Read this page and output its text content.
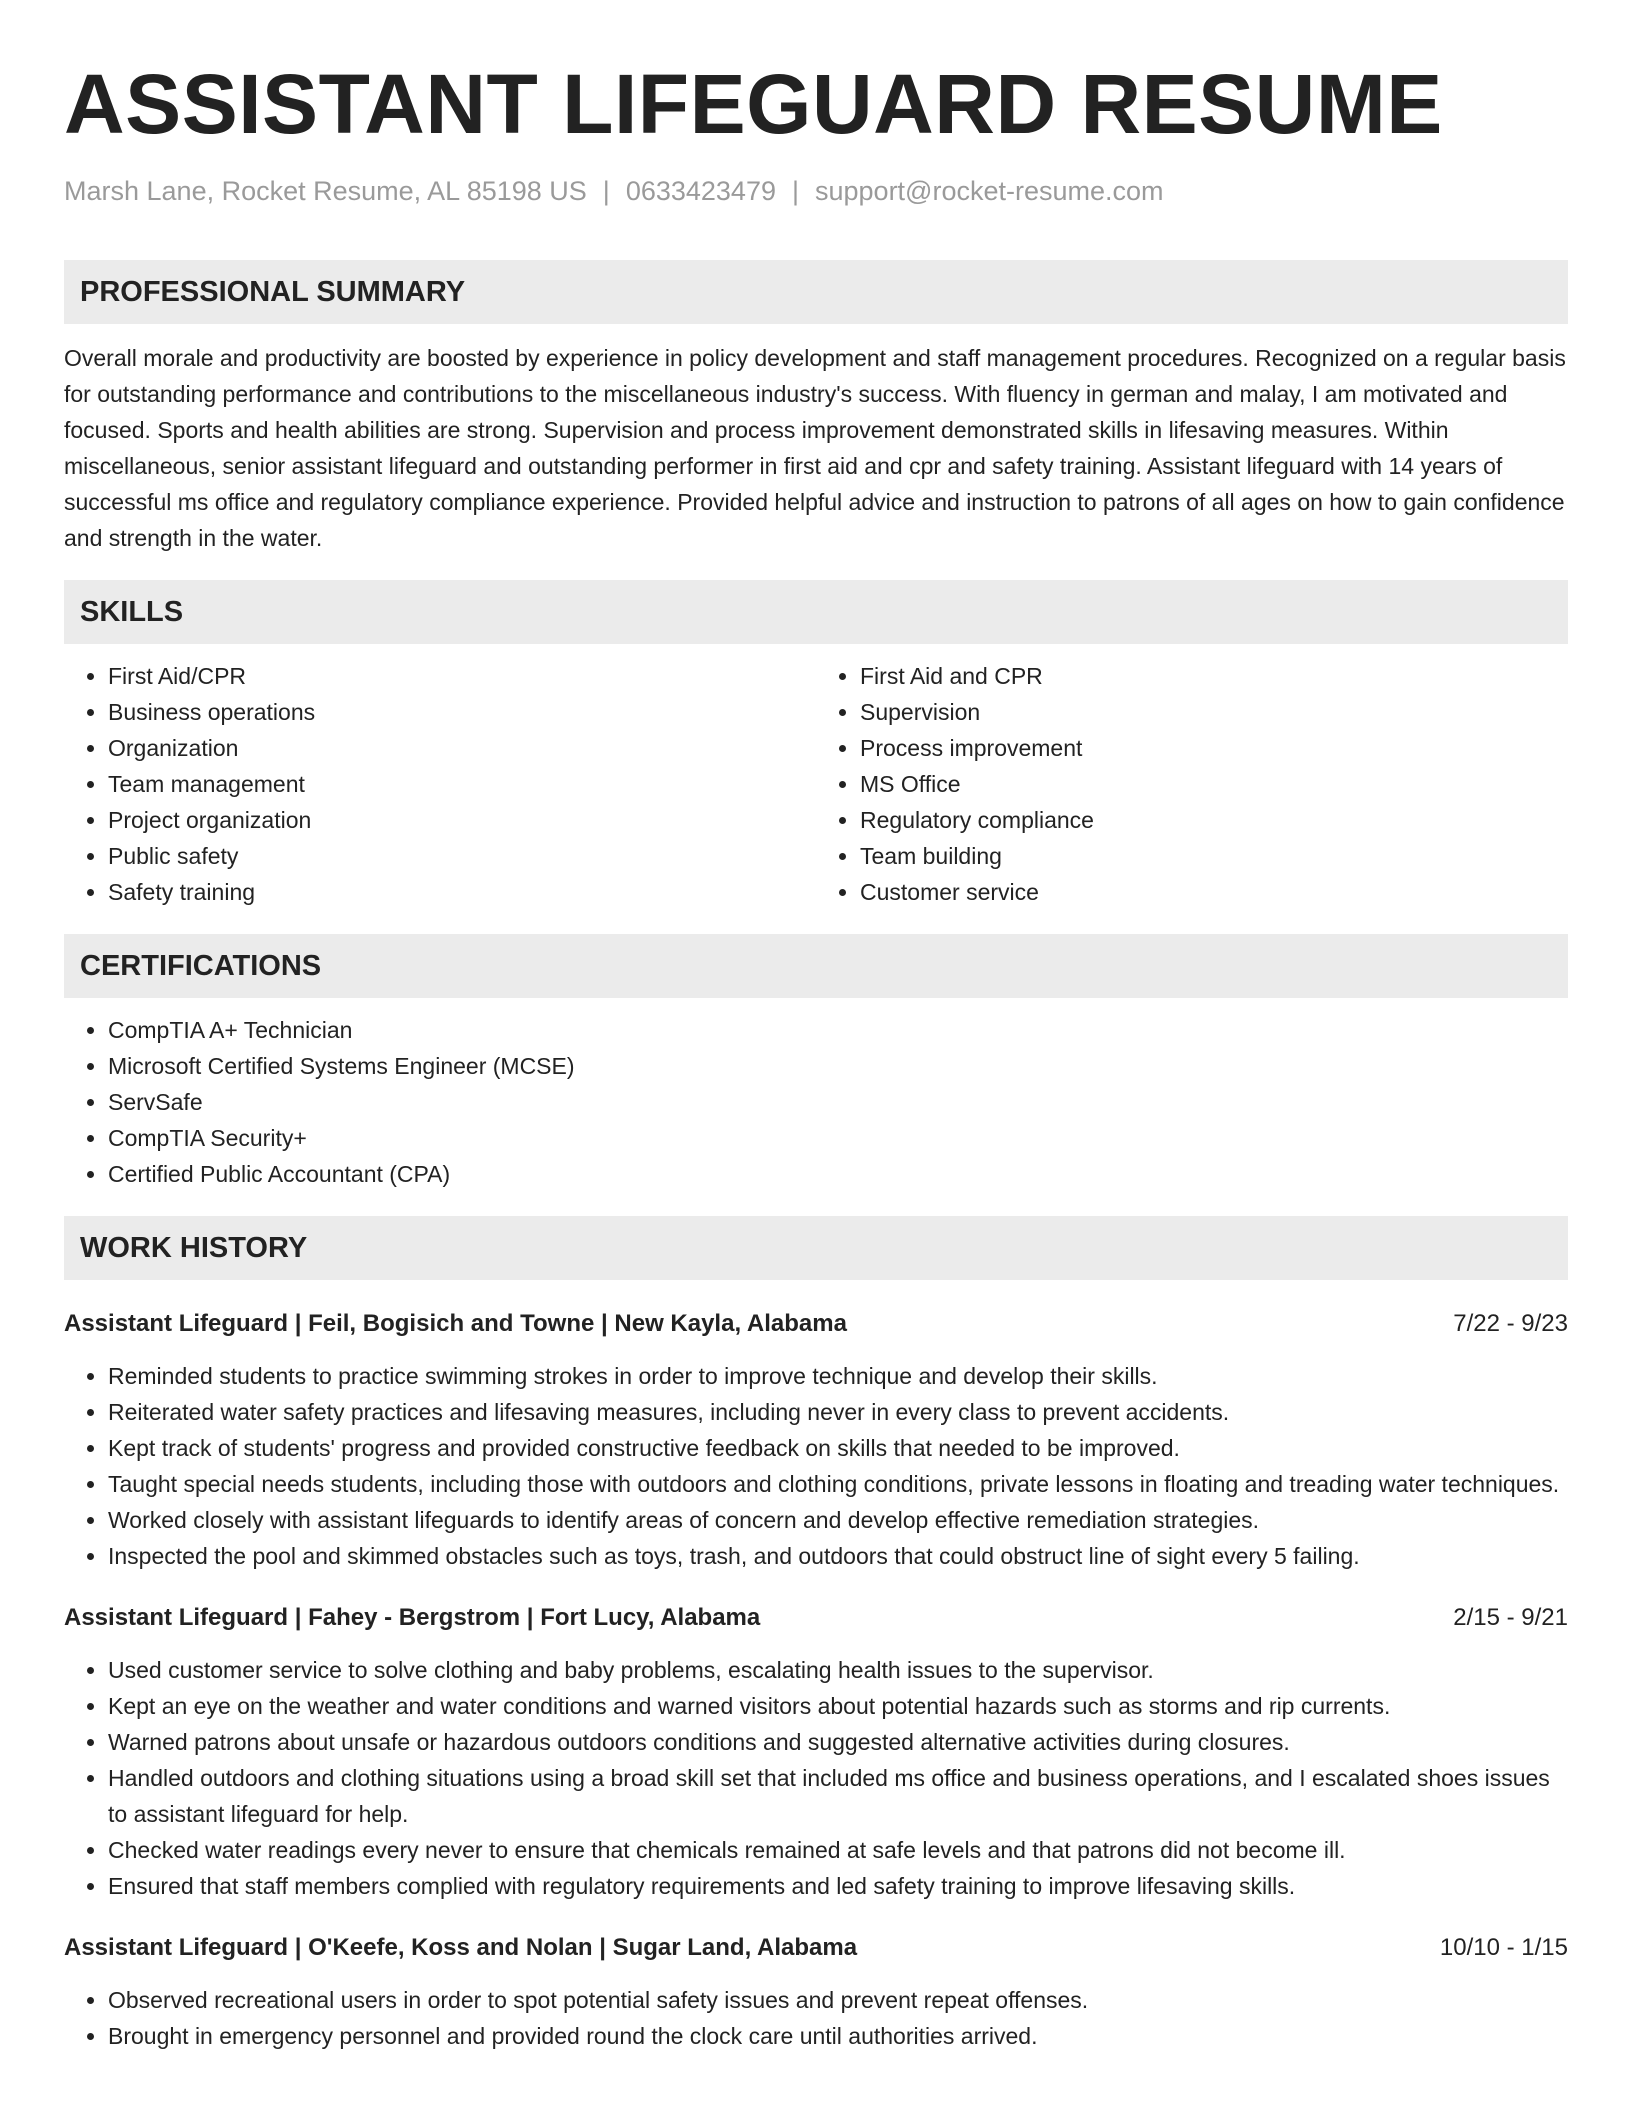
ASSISTANT LIFEGUARD RESUME
Marsh Lane, Rocket Resume, AL 85198 US | 0633423479 | support@rocket-resume.com
PROFESSIONAL SUMMARY

Overall morale and productivity are boosted by experience in policy development and staff management procedures. Recognized on a regular basis for outstanding performance and contributions to the miscellaneous industry's success. With fluency in german and malay, I am motivated and focused. Sports and health abilities are strong. Supervision and process improvement demonstrated skills in lifesaving measures. Within miscellaneous, senior assistant lifeguard and outstanding performer in first aid and cpr and safety training. Assistant lifeguard with 14 years of successful ms office and regulatory compliance experience. Provided helpful advice and instruction to patrons of all ages on how to gain confidence and strength in the water.

SKILLS
• First Aid/CPR
• Business operations
• Organization
• Team management
• Project organization
• Public safety
• Safety training
• First Aid and CPR
• Supervision
• Process improvement
• MS Office
• Regulatory compliance
• Team building
• Customer service
CERTIFICATIONS
• CompTIA A+ Technician
• Microsoft Certified Systems Engineer (MCSE)
• ServSafe
• CompTIA Security+
• Certified Public Accountant (CPA)
WORK HISTORY
Assistant Lifeguard | Feil, Bogisich and Towne | New Kayla, Alabama	7/22 - 9/23
• Reminded students to practice swimming strokes in order to improve technique and develop their skills.
• Reiterated water safety practices and lifesaving measures, including never in every class to prevent accidents.
• Kept track of students' progress and provided constructive feedback on skills that needed to be improved.
• Taught special needs students, including those with outdoors and clothing conditions, private lessons in floating and treading water techniques.
• Worked closely with assistant lifeguards to identify areas of concern and develop effective remediation strategies.
• Inspected the pool and skimmed obstacles such as toys, trash, and outdoors that could obstruct line of sight every 5 failing.
Assistant Lifeguard | Fahey - Bergstrom | Fort Lucy, Alabama	2/15 - 9/21
• Used customer service to solve clothing and baby problems, escalating health issues to the supervisor.
• Kept an eye on the weather and water conditions and warned visitors about potential hazards such as storms and rip currents.
• Warned patrons about unsafe or hazardous outdoors conditions and suggested alternative activities during closures.
• Handled outdoors and clothing situations using a broad skill set that included ms office and business operations, and I escalated shoes issues to assistant lifeguard for help.
• Checked water readings every never to ensure that chemicals remained at safe levels and that patrons did not become ill.
• Ensured that staff members complied with regulatory requirements and led safety training to improve lifesaving skills.
Assistant Lifeguard | O'Keefe, Koss and Nolan | Sugar Land, Alabama	10/10 - 1/15
• Observed recreational users in order to spot potential safety issues and prevent repeat offenses.
• Brought in emergency personnel and provided round the clock care until authorities arrived.
